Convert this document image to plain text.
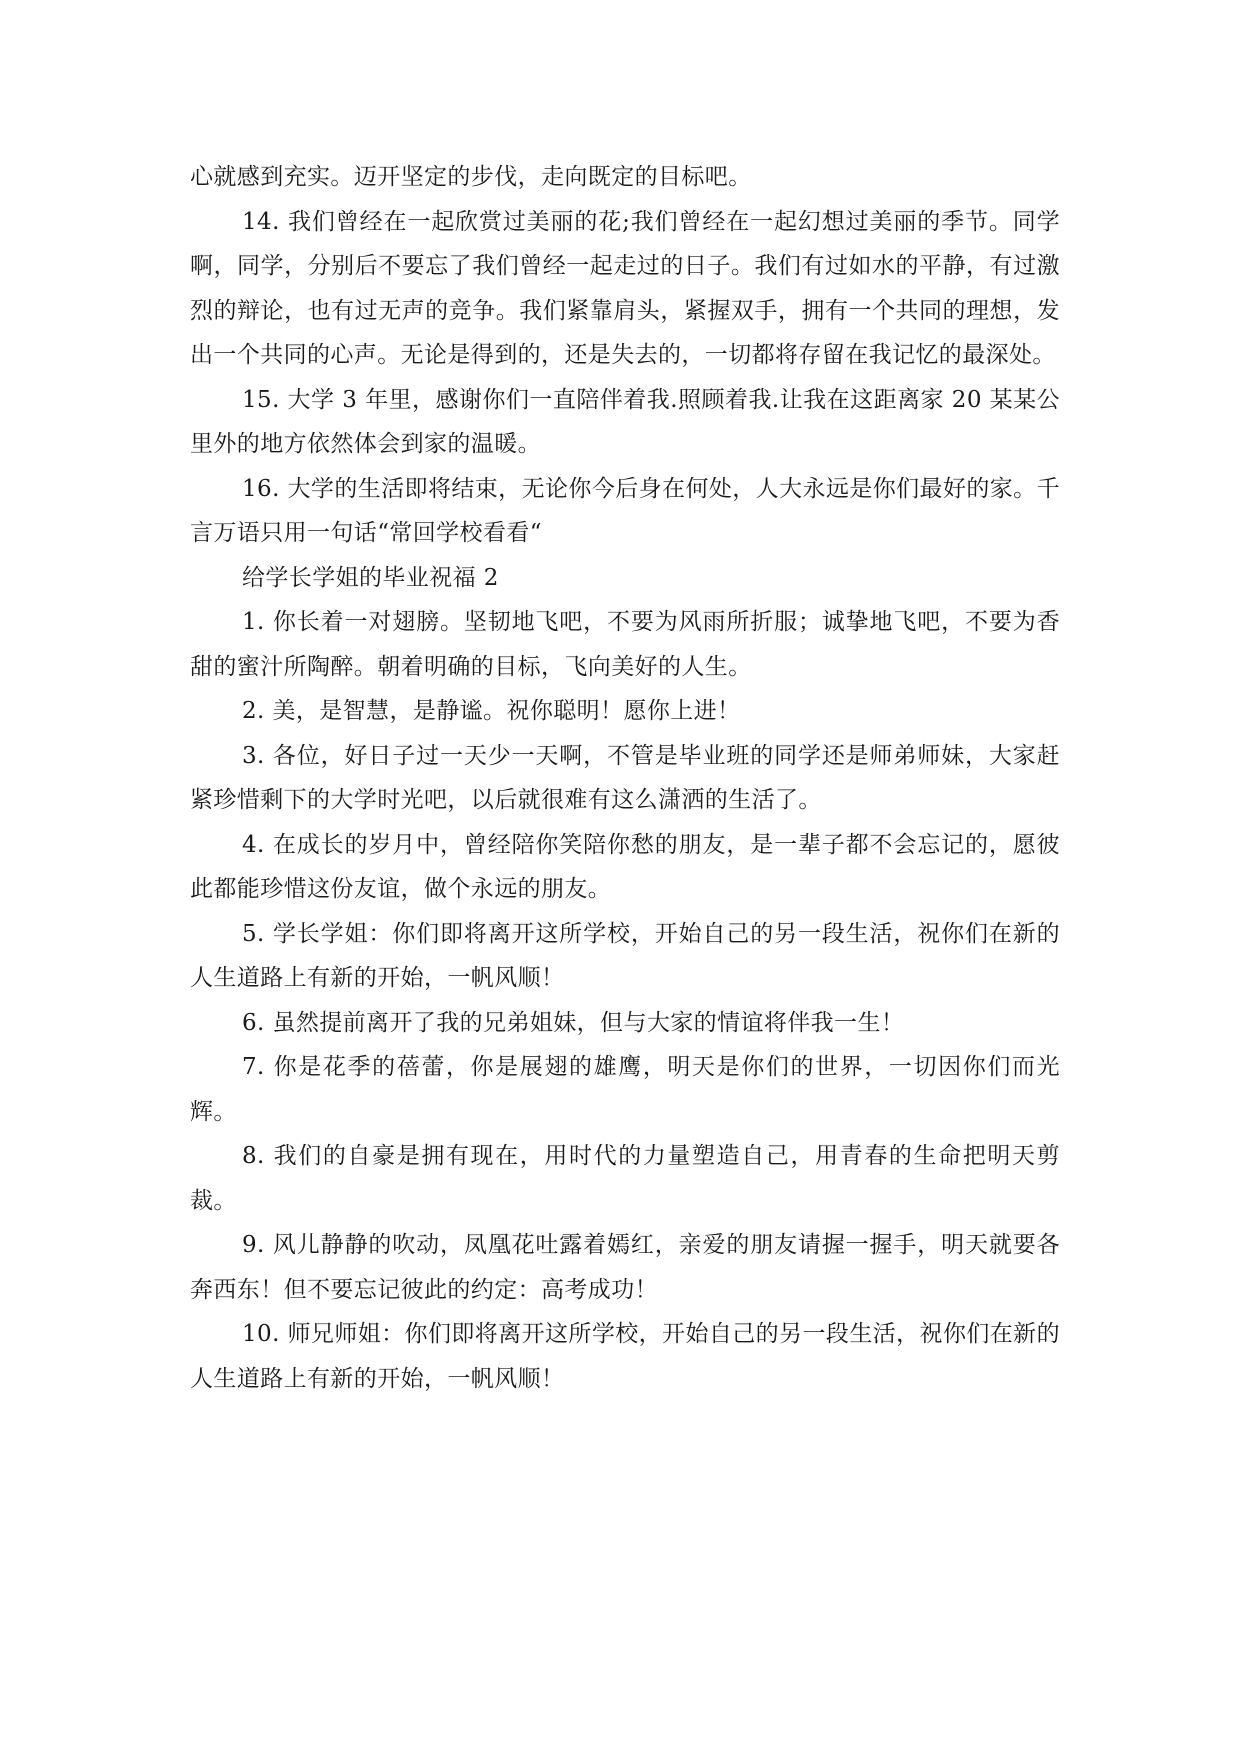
心就感到充实。迈开坚定的步伐，走向既定的目标吧。

14. 我们曾经在一起欣赏过美丽的花;我们曾经在一起幻想过美丽的季节。同学啊，同学，分别后不要忘了我们曾经一起走过的日子。我们有过如水的平静，有过激烈的辩论，也有过无声的竞争。我们紧靠肩头，紧握双手，拥有一个共同的理想，发出一个共同的心声。无论是得到的，还是失去的，一切都将存留在我记忆的最深处。

15. 大学 3 年里，感谢你们一直陪伴着我.照顾着我.让我在这距离家 20 某某公里外的地方依然体会到家的温暖。

16. 大学的生活即将结束，无论你今后身在何处，人大永远是你们最好的家。千言万语只用一句话“常回学校看看“

给学长学姐的毕业祝福 2

1. 你长着一对翅膀。坚韧地飞吧，不要为风雨所折服；诚挚地飞吧，不要为香甜的蜜汁所陶醉。朝着明确的目标，飞向美好的人生。

2. 美，是智慧，是静谧。祝你聪明！愿你上进！

3. 各位，好日子过一天少一天啊，不管是毕业班的同学还是师弟师妹，大家赶紧珍惜剩下的大学时光吧，以后就很难有这么潇洒的生活了。

4. 在成长的岁月中，曾经陪你笑陪你愁的朋友，是一辈子都不会忘记的，愿彼此都能珍惜这份友谊，做个永远的朋友。

5. 学长学姐：你们即将离开这所学校，开始自己的另一段生活，祝你们在新的人生道路上有新的开始，一帆风顺！

6. 虽然提前离开了我的兄弟姐妹，但与大家的情谊将伴我一生！

7. 你是花季的蓓蕾，你是展翅的雄鹰，明天是你们的世界，一切因你们而光辉。

8. 我们的自豪是拥有现在，用时代的力量塑造自己，用青春的生命把明天剪裁。

9. 风儿静静的吹动，凤凰花吐露着嫣红，亲爱的朋友请握一握手，明天就要各奔西东！但不要忘记彼此的约定：高考成功！

10. 师兄师姐：你们即将离开这所学校，开始自己的另一段生活，祝你们在新的人生道路上有新的开始，一帆风顺！
